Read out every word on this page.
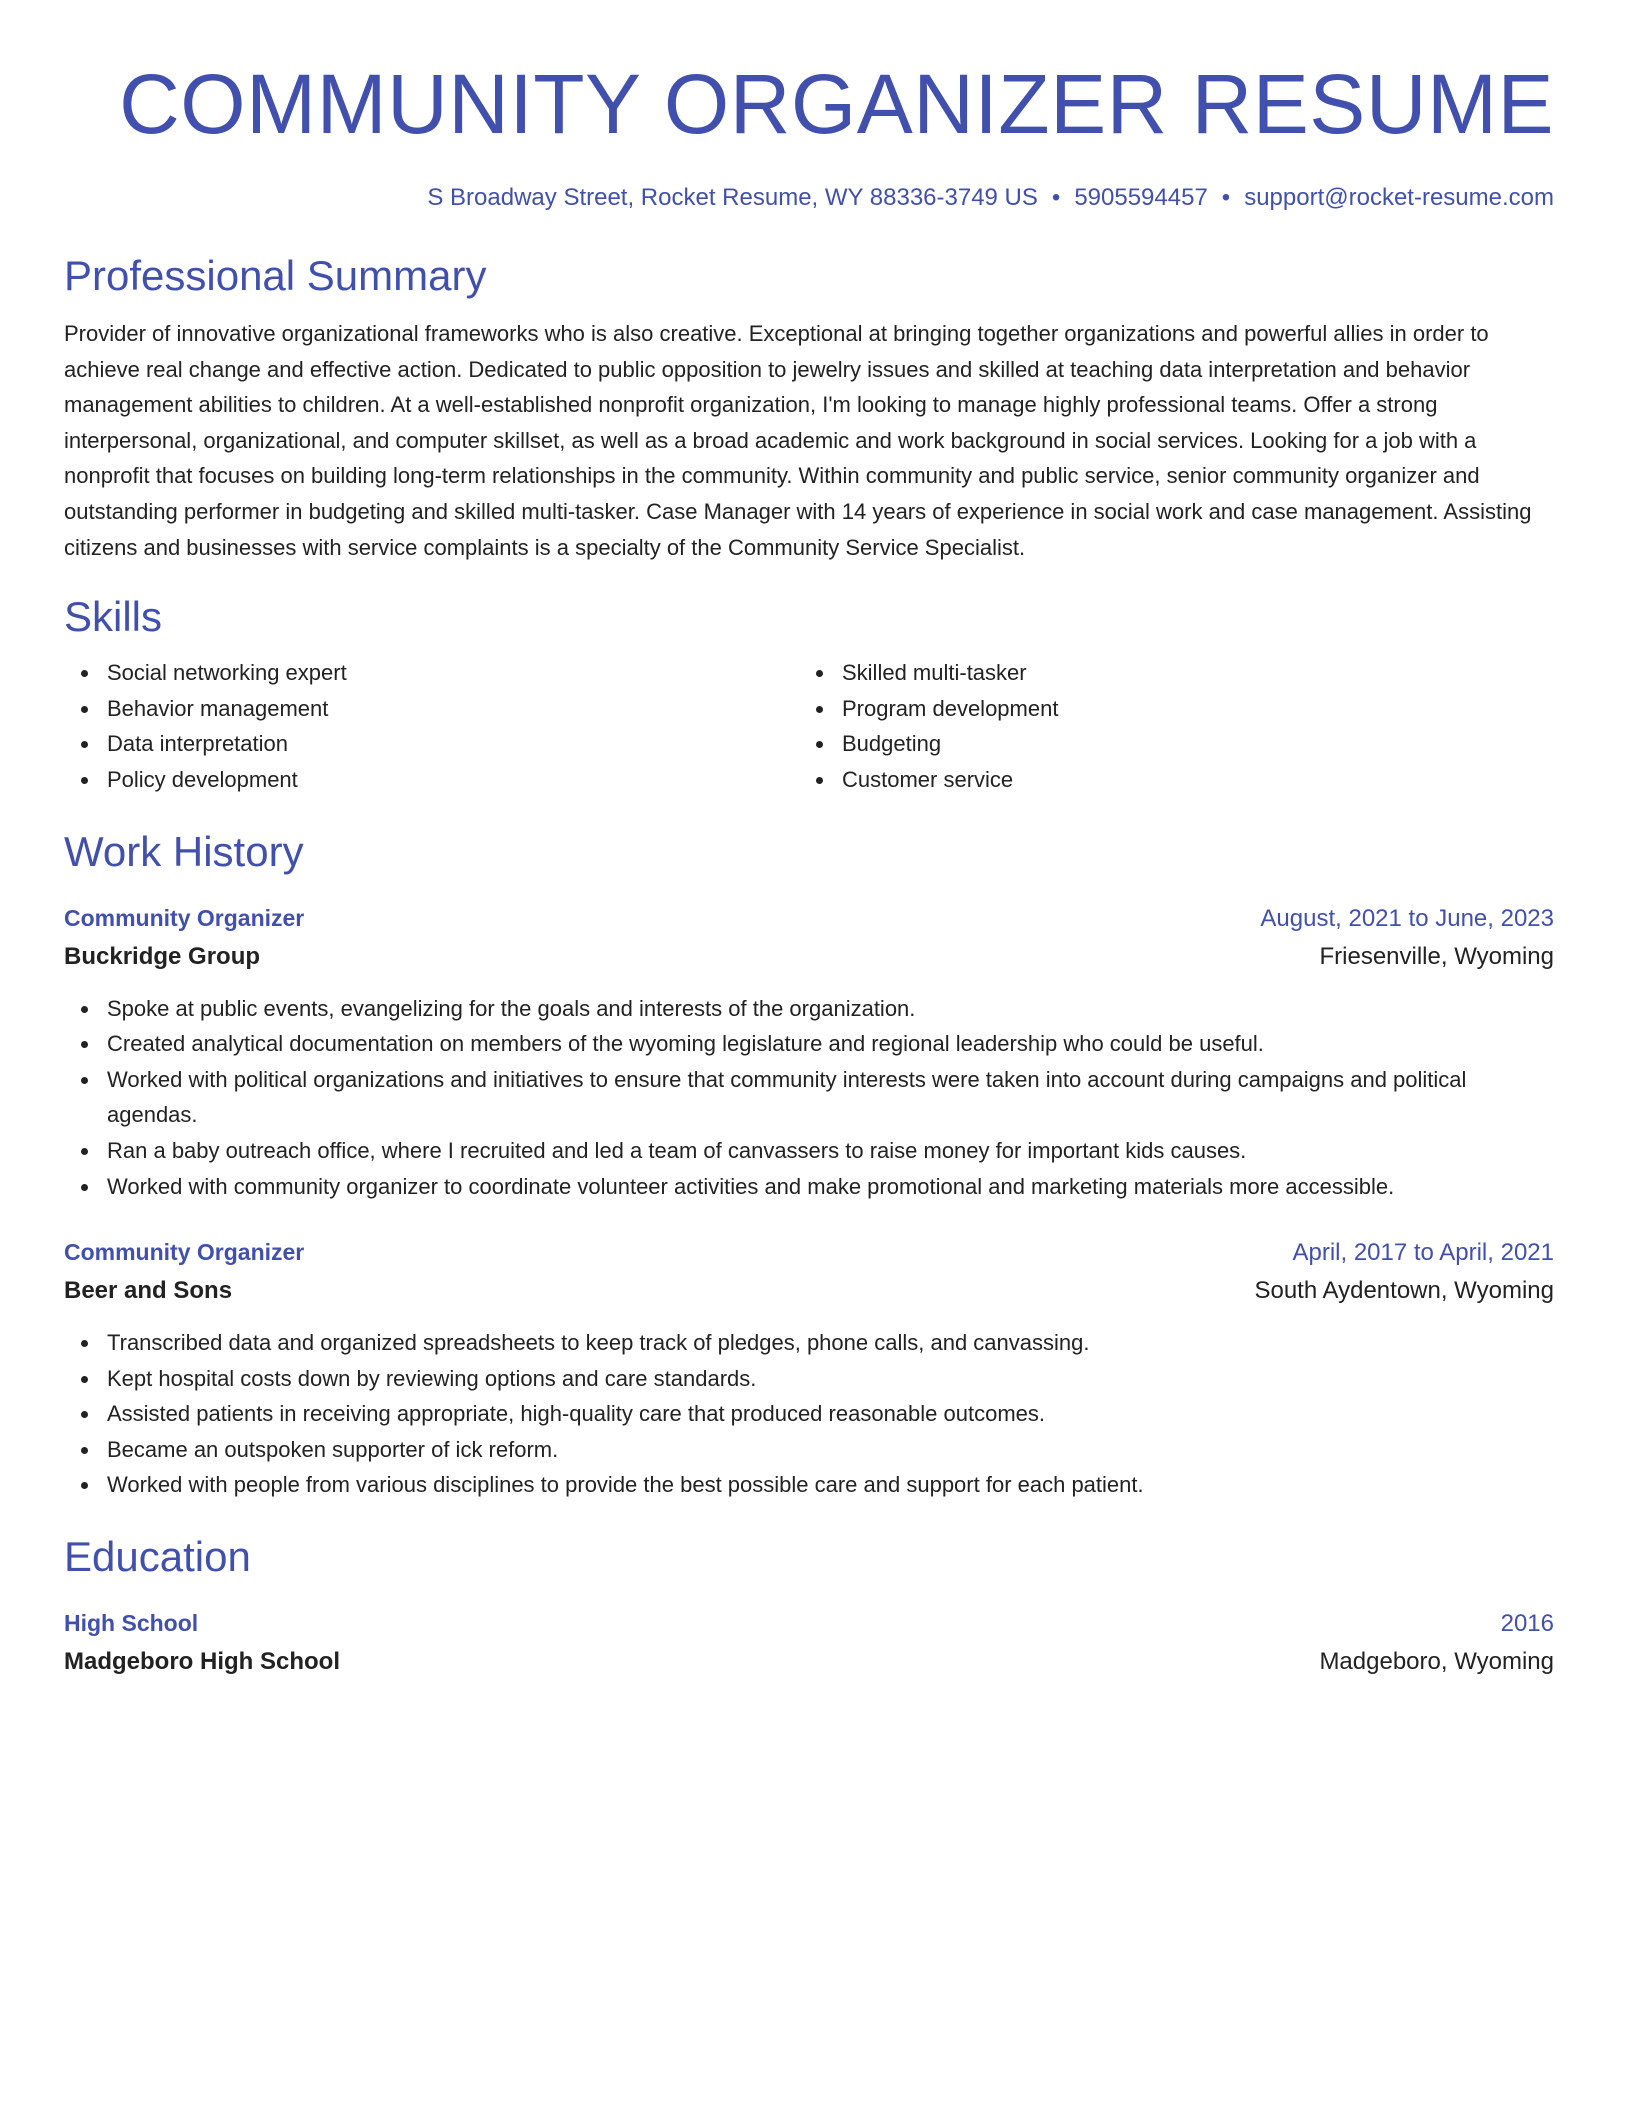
COMMUNITY ORGANIZER RESUME
S Broadway Street, Rocket Resume, WY 88336-3749 US • 5905594457 • support@rocket-resume.com
Professional Summary
Provider of innovative organizational frameworks who is also creative. Exceptional at bringing together organizations and powerful allies in order to achieve real change and effective action. Dedicated to public opposition to jewelry issues and skilled at teaching data interpretation and behavior management abilities to children. At a well-established nonprofit organization, I'm looking to manage highly professional teams. Offer a strong interpersonal, organizational, and computer skillset, as well as a broad academic and work background in social services. Looking for a job with a nonprofit that focuses on building long-term relationships in the community. Within community and public service, senior community organizer and outstanding performer in budgeting and skilled multi-tasker. Case Manager with 14 years of experience in social work and case management. Assisting citizens and businesses with service complaints is a specialty of the Community Service Specialist.
Skills
Social networking expert
Behavior management
Data interpretation
Policy development
Skilled multi-tasker
Program development
Budgeting
Customer service
Work History
Community Organizer	August, 2021 to June, 2023
Buckridge Group	Friesenville, Wyoming
Spoke at public events, evangelizing for the goals and interests of the organization.
Created analytical documentation on members of the wyoming legislature and regional leadership who could be useful.
Worked with political organizations and initiatives to ensure that community interests were taken into account during campaigns and political agendas.
Ran a baby outreach office, where I recruited and led a team of canvassers to raise money for important kids causes.
Worked with community organizer to coordinate volunteer activities and make promotional and marketing materials more accessible.
Community Organizer	April, 2017 to April, 2021
Beer and Sons	South Aydentown, Wyoming
Transcribed data and organized spreadsheets to keep track of pledges, phone calls, and canvassing.
Kept hospital costs down by reviewing options and care standards.
Assisted patients in receiving appropriate, high-quality care that produced reasonable outcomes.
Became an outspoken supporter of ick reform.
Worked with people from various disciplines to provide the best possible care and support for each patient.
Education
High School	2016
Madgeboro High School	Madgeboro, Wyoming
